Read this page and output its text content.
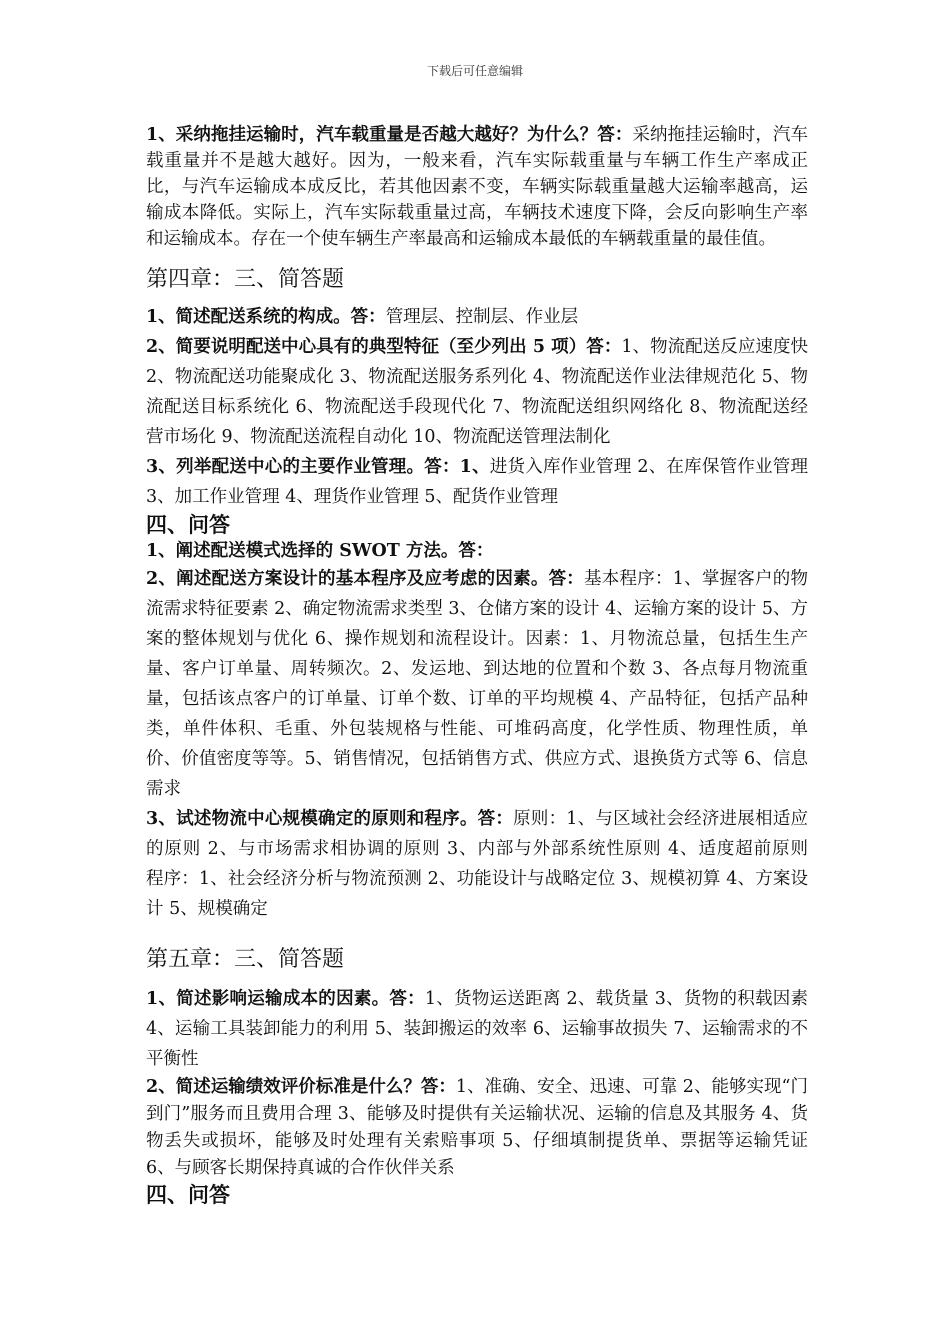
下载后可任意编辑

1、采纳拖挂运输时，汽车载重量是否越大越好？为什么？答：采纳拖挂运输时，汽车载重量并不是越大越好。因为，一般来看，汽车实际载重量与车辆工作生产率成正比，与汽车运输成本成反比，若其他因素不变，车辆实际载重量越大运输率越高，运输成本降低。实际上，汽车实际载重量过高，车辆技术速度下降，会反向影响生产率和运输成本。存在一个使车辆生产率最高和运输成本最低的车辆载重量的最佳值。

第四章：三、简答题

1、简述配送系统的构成。答：管理层、控制层、作业层

2、简要说明配送中心具有的典型特征（至少列出 5 项）答：1、物流配送反应速度快 2、物流配送功能聚成化 3、物流配送服务系列化 4、物流配送作业法律规范化 5、物流配送目标系统化 6、物流配送手段现代化 7、物流配送组织网络化 8、物流配送经营市场化 9、物流配送流程自动化 10、物流配送管理法制化

3、列举配送中心的主要作业管理。答：1、进货入库作业管理 2、在库保管作业管理 3、加工作业管理 4、理货作业管理 5、配货作业管理

四、问答

1、阐述配送模式选择的 SWOT 方法。答：

2、阐述配送方案设计的基本程序及应考虑的因素。答：基本程序：1、掌握客户的物流需求特征要素 2、确定物流需求类型 3、仓储方案的设计 4、运输方案的设计 5、方案的整体规划与优化 6、操作规划和流程设计。因素：1、月物流总量，包括生生产量、客户订单量、周转频次。2、发运地、到达地的位置和个数 3、各点每月物流重量，包括该点客户的订单量、订单个数、订单的平均规模 4、产品特征，包括产品种类，单件体积、毛重、外包装规格与性能、可堆码高度，化学性质、物理性质，单价、价值密度等等。5、销售情况，包括销售方式、供应方式、退换货方式等 6、信息需求

3、试述物流中心规模确定的原则和程序。答：原则：1、与区域社会经济进展相适应的原则 2、与市场需求相协调的原则 3、内部与外部系统性原则 4、适度超前原则　程序：1、社会经济分析与物流预测 2、功能设计与战略定位 3、规模初算 4、方案设计 5、规模确定

第五章：三、简答题

1、简述影响运输成本的因素。答：1、货物运送距离 2、载货量 3、货物的积载因素 4、运输工具装卸能力的利用 5、装卸搬运的效率 6、运输事故损失 7、运输需求的不平衡性

2、简述运输绩效评价标准是什么？答：1、准确、安全、迅速、可靠 2、能够实现“门到门”服务而且费用合理 3、能够及时提供有关运输状况、运输的信息及其服务 4、货物丢失或损坏，能够及时处理有关索赔事项 5、仔细填制提货单、票据等运输凭证 6、与顾客长期保持真诚的合作伙伴关系

四、问答
